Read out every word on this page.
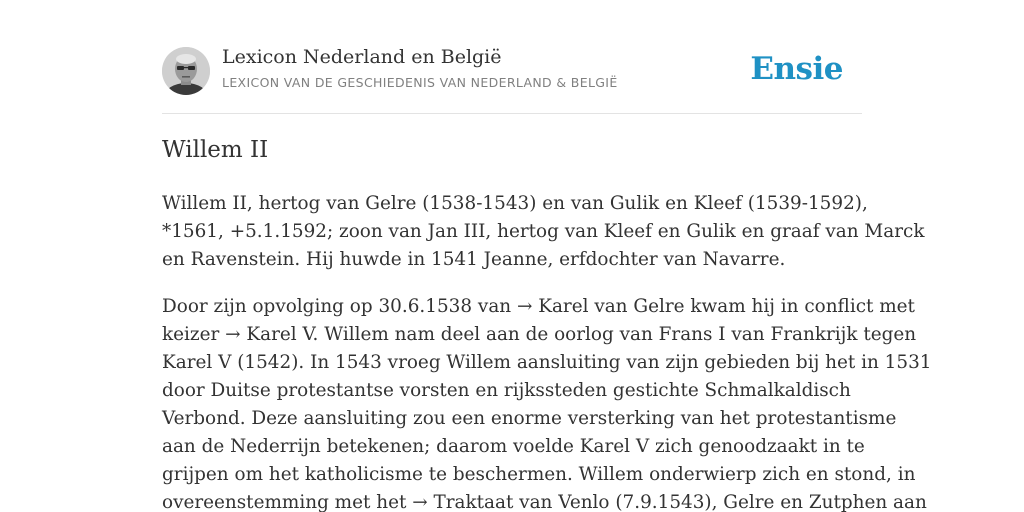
Lexicon Nederland en België

LEXICON VAN DE GESCHIEDENIS VAN NEDERLAND & BELGIË	Ensie
Willem II

Willem II, hertog van Gelre (1538-1543) en van Gulik en Kleef (1539-1592),
*1561, +5.1.1592; zoon van Jan III, hertog van Kleef en Gulik en graaf van Marck
en Ravenstein. Hij huwde in 1541 Jeanne, erfdochter van Navarre.

Door zijn opvolging op 30.6.1538 van → Karel van Gelre kwam hij in conflict met
keizer → Karel V. Willem nam deel aan de oorlog van Frans I van Frankrijk tegen
Karel V (1542). In 1543 vroeg Willem aansluiting van zijn gebieden bij het in 1531
door Duitse protestantse vorsten en rijkssteden gestichte Schmalkaldisch
Verbond. Deze aansluiting zou een enorme versterking van het protestantisme
aan de Nederrijn betekenen; daarom voelde Karel V zich genoodzaakt in te
grijpen om het katholicisme te beschermen. Willem onderwierp zich en stond, in
overeenstemming met het → Traktaat van Venlo (7.9.1543), Gelre en Zutphen aan
